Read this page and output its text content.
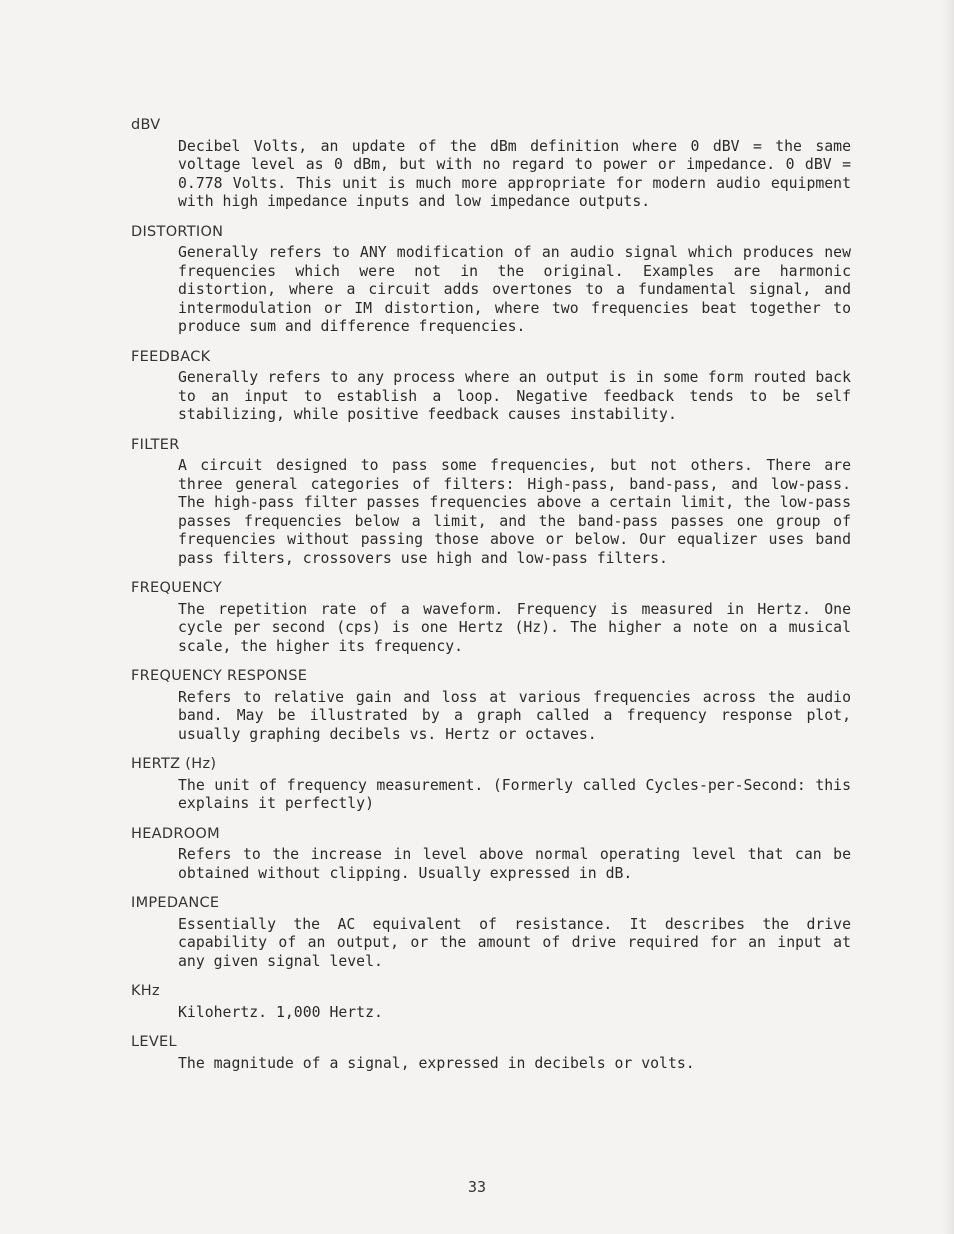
dBV

Decibel Volts, an update of the dBm definition where 0 dBV = the same voltage level as 0 dBm, but with no regard to power or impedance. 0 dBV = 0.778 Volts. This unit is much more appropriate for modern audio equipment with high impedance inputs and low impedance outputs.

DISTORTION

Generally refers to ANY modification of an audio signal which produces new frequencies which were not in the original. Examples are harmonic distortion, where a circuit adds overtones to a fundamental signal, and intermodulation or IM distortion, where two frequencies beat together to produce sum and difference frequencies.

FEEDBACK

Generally refers to any process where an output is in some form routed back to an input to establish a loop. Negative feedback tends to be self stabilizing, while positive feedback causes instability.

FILTER

A circuit designed to pass some frequencies, but not others. There are three general categories of filters: High-pass, band-pass, and low-pass. The high-pass filter passes frequencies above a certain limit, the low-pass passes frequencies below a limit, and the band-pass passes one group of frequencies without passing those above or below. Our equalizer uses band pass filters, crossovers use high and low-pass filters.

FREQUENCY

The repetition rate of a waveform. Frequency is measured in Hertz. One cycle per second (cps) is one Hertz (Hz). The higher a note on a musical scale, the higher its frequency.

FREQUENCY RESPONSE

Refers to relative gain and loss at various frequencies across the audio band. May be illustrated by a graph called a frequency response plot, usually graphing decibels vs. Hertz or octaves.

HERTZ (Hz)

The unit of frequency measurement. (Formerly called Cycles-per-Second: this explains it perfectly)

HEADROOM

Refers to the increase in level above normal operating level that can be obtained without clipping. Usually expressed in dB.

IMPEDANCE

Essentially the AC equivalent of resistance. It describes the drive capability of an output, or the amount of drive required for an input at any given signal level.

KHz

Kilohertz. 1,000 Hertz.

LEVEL

The magnitude of a signal, expressed in decibels or volts.

33
